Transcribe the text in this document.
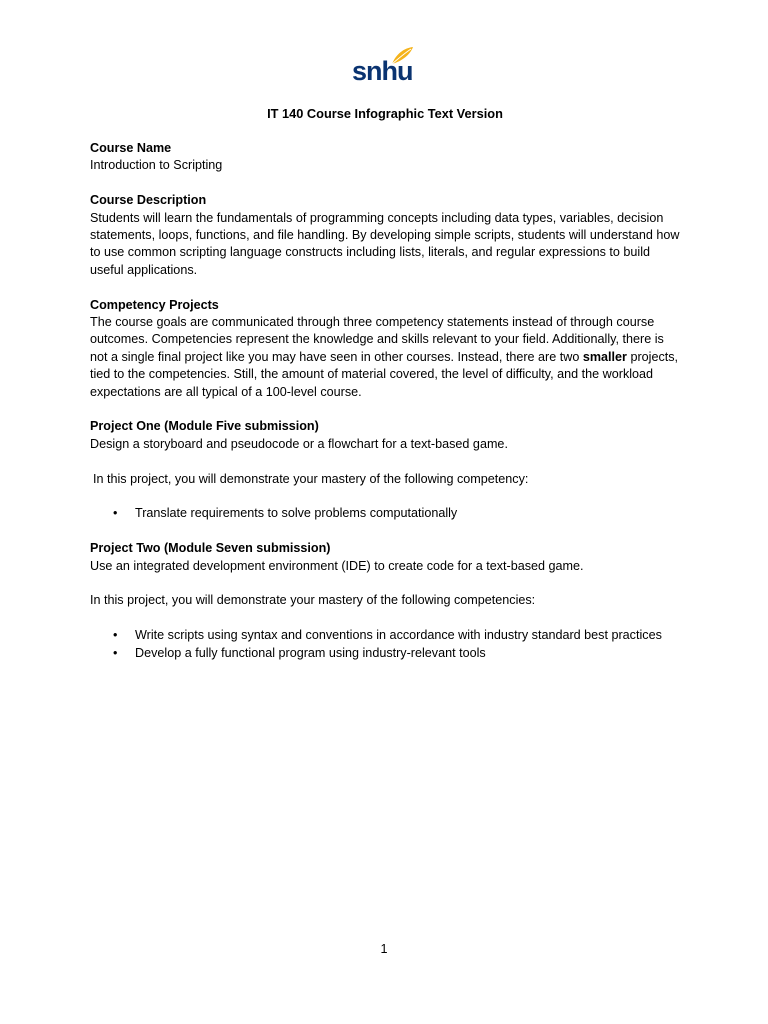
snhu
IT 140 Course Infographic Text Version

Course Name

Introduction to Scripting

Course Description

Students will learn the fundamentals of programming concepts including data types, variables, decision statements, loops, functions, and file handling. By developing simple scripts, students will understand how to use common scripting language constructs including lists, literals, and regular expressions to build useful applications.

Competency Projects

The course goals are communicated through three competency statements instead of through course outcomes. Competencies represent the knowledge and skills relevant to your field. Additionally, there is not a single final project like you may have seen in other courses. Instead, there are two smaller projects, tied to the competencies. Still, the amount of material covered, the level of difficulty, and the workload expectations are all typical of a 100-level course.

Project One (Module Five submission)

Design a storyboard and pseudocode or a flowchart for a text-based game.

In this project, you will demonstrate your mastery of the following competency:

• Translate requirements to solve problems computationally

Project Two (Module Seven submission)

Use an integrated development environment (IDE) to create code for a text-based game.

In this project, you will demonstrate your mastery of the following competencies:

• Write scripts using syntax and conventions in accordance with industry standard best practices
• Develop a fully functional program using industry-relevant tools
1
